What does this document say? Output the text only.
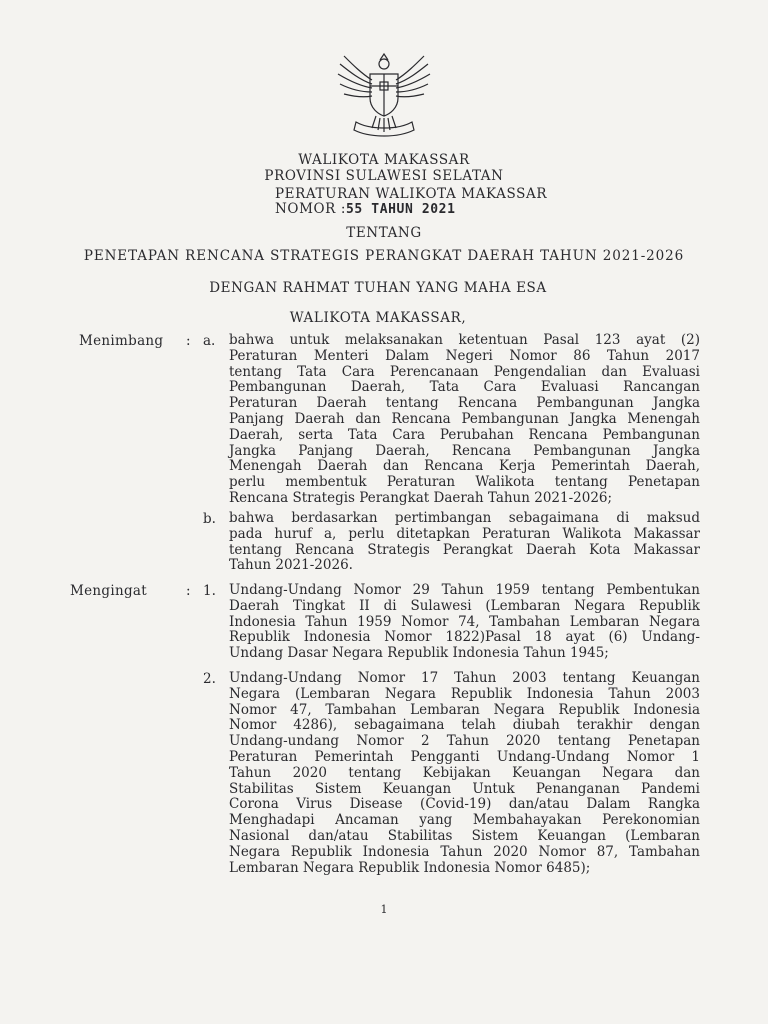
WALIKOTA MAKASSAR
PROVINSI SULAWESI SELATAN
PERATURAN WALIKOTA MAKASSAR
NOMOR :55 TAHUN 2021
TENTANG
PENETAPAN RENCANA STRATEGIS PERANGKAT DAERAH TAHUN 2021-2026
DENGAN RAHMAT TUHAN YANG MAHA ESA
WALIKOTA MAKASSAR,
Menimbang : a. bahwa untuk melaksanakan ketentuan Pasal 123 ayat (2)
Peraturan Menteri Dalam Negeri Nomor 86 Tahun 2017
tentang Tata Cara Perencanaan Pengendalian dan Evaluasi
Pembangunan Daerah, Tata Cara Evaluasi Rancangan
Peraturan Daerah tentang Rencana Pembangunan Jangka
Panjang Daerah dan Rencana Pembangunan Jangka Menengah
Daerah, serta Tata Cara Perubahan Rencana Pembangunan
Jangka Panjang Daerah, Rencana Pembangunan Jangka
Menengah Daerah dan Rencana Kerja Pemerintah Daerah,
perlu membentuk Peraturan Walikota tentang Penetapan
Rencana Strategis Perangkat Daerah Tahun 2021-2026;
b. bahwa berdasarkan pertimbangan sebagaimana di maksud
pada huruf a, perlu ditetapkan Peraturan Walikota Makassar
tentang Rencana Strategis Perangkat Daerah Kota Makassar
Tahun 2021-2026.
Mengingat	: 1. Undang-Undang Nomor 29 Tahun 1959 tentang Pembentukan
Daerah Tingkat II di Sulawesi (Lembaran Negara Republik
Indonesia Tahun 1959 Nomor 74, Tambahan Lembaran Negara
Republik Indonesia Nomor 1822)Pasal 18 ayat (6) Undang-
Undang Dasar Negara Republik Indonesia Tahun 1945;
2. Undang-Undang Nomor 17 Tahun 2003 tentang Keuangan
Negara (Lembaran Negara Republik Indonesia Tahun 2003
Nomor 47, Tambahan Lembaran Negara Republik Indonesia
Nomor 4286), sebagaimana telah diubah terakhir dengan
Undang-undang Nomor 2 Tahun 2020 tentang Penetapan
Peraturan Pemerintah Pengganti Undang-Undang Nomor 1
Tahun 2020 tentang Kebijakan Keuangan Negara dan
Stabilitas Sistem Keuangan Untuk Penanganan Pandemi
Corona Virus Disease (Covid-19) dan/atau Dalam Rangka
Menghadapi Ancaman yang Membahayakan Perekonomian
Nasional dan/atau Stabilitas Sistem Keuangan (Lembaran
Negara Republik Indonesia Tahun 2020 Nomor 87, Tambahan
Lembaran Negara Republik Indonesia Nomor 6485);
1
